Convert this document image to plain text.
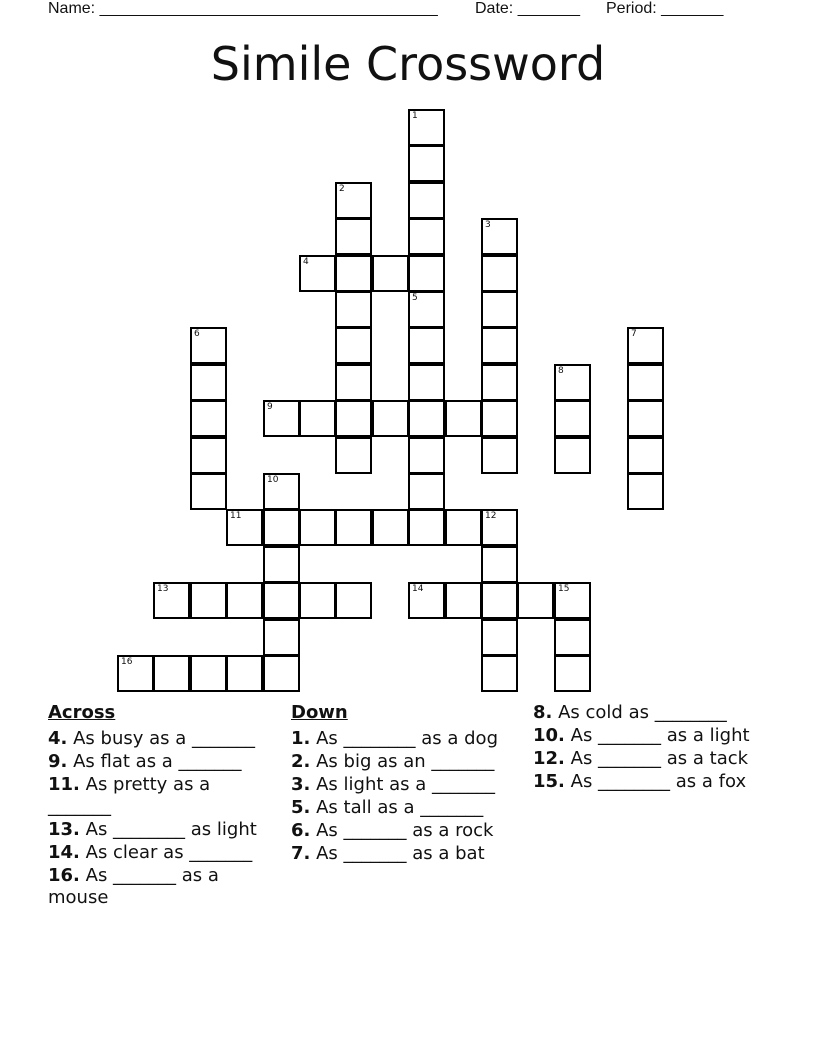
Name: ______________________________________ Date: _______ Period: _______
Simile Crossword
1
2
3
4
5
6	7
8
9
10
11	12
13	14	15
16
Across
4. As busy as a _______
9. As flat as a _______
11. As pretty as a _______
13. As ________ as light
14. As clear as _______
16. As _______ as a mouse
Down
1. As ________ as a dog
2. As big as an _______
3. As light as a _______
5. As tall as a _______
6. As _______ as a rock
7. As _______ as a bat
8. As cold as ________
10. As _______ as a light
12. As _______ as a tack
15. As ________ as a fox
